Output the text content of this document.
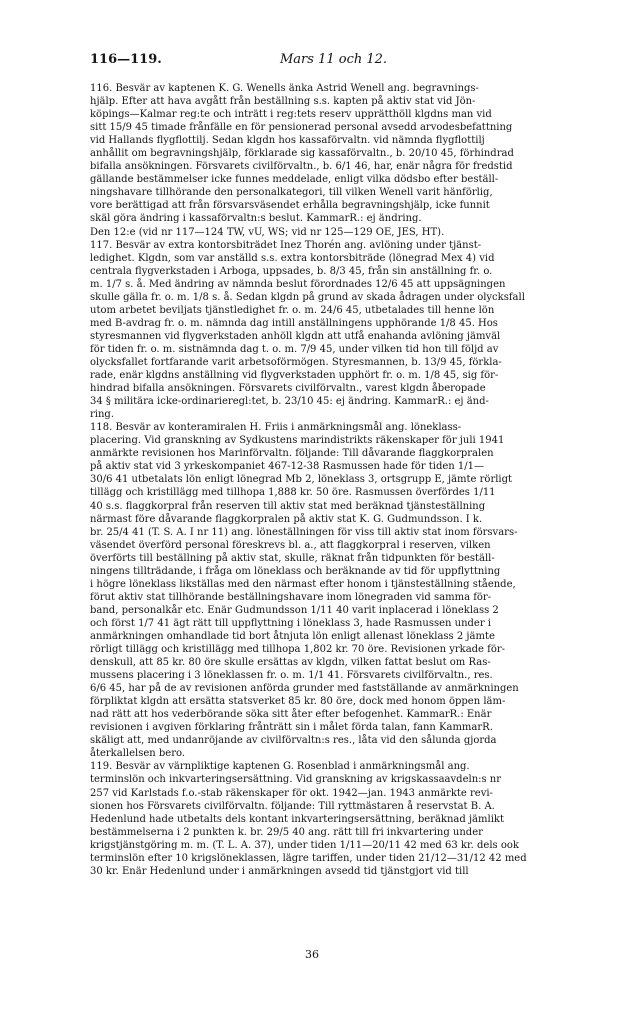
116—119.	Mars 11 och 12.
116. Besvär av kaptenen K. G. Wenells änka Astrid Wenell ang. begravnings-
hjälp. Efter att hava avgått från beställning s.s. kapten på aktiv stat vid Jön-
köpings—Kalmar reg:te och inträtt i reg:tets reserv upprätthöll klgdns man vid
sitt 15/9 45 timade frånfälle en för pensionerad personal avsedd arvodesbefattning
vid Hallands flygflottilj. Sedan klgdn hos kassaförvaltn. vid nämnda flygflottilj
anhållit om begravningshjälp, förklarade sig kassaförvaltn., b. 20/10 45, förhindrad
bifalla ansökningen. Försvarets civilförvaltn., b. 6/1 46, har, enär några för fredstid
gällande bestämmelser icke funnes meddelade, enligt vilka dödsbo efter beställ-
ningshavare tillhörande den personalkategori, till vilken Wenell varit hänförlig,
vore berättigad att från försvarsväsendet erhålla begravningshjälp, icke funnit
skäl göra ändring i kassaförvaltn:s beslut. KammarR.: ej ändring.
Den 12:e (vid nr 117—124 TW, vU, WS; vid nr 125—129 OE, JES, HT).
117. Besvär av extra kontorsbiträdet Inez Thorén ang. avlöning under tjänst-
ledighet. Klgdn, som var anställd s.s. extra kontorsbiträde (lönegrad Mex 4) vid
centrala flygverkstaden i Arboga, uppsades, b. 8/3 45, från sin anställning fr. o.
m. 1/7 s. å. Med ändring av nämnda beslut förordnades 12/6 45 att uppsägningen
skulle gälla fr. o. m. 1/8 s. å. Sedan klgdn på grund av skada ådragen under olycksfall
utom arbetet beviljats tjänstledighet fr. o. m. 24/6 45, utbetalades till henne lön
med B-avdrag fr. o. m. nämnda dag intill anställningens upphörande 1/8 45. Hos
styresmannen vid flygverkstaden anhöll klgdn att utfå enahanda avlöning jämväl
för tiden fr. o. m. sistnämnda dag t. o. m. 7/9 45, under vilken tid hon till följd av
olycksfallet fortfarande varit arbetsoförmögen. Styresmannen, b. 13/9 45, förkla-
rade, enär klgdns anställning vid flygverkstaden upphört fr. o. m. 1/8 45, sig för-
hindrad bifalla ansökningen. Försvarets civilförvaltn., varest klgdn åberopade
34 § militära icke-ordinarieregl:tet, b. 23/10 45: ej ändring. KammarR.: ej änd-
ring.
118. Besvär av konteramiralen H. Friis i anmärkningsmål ang. löneklass-
placering. Vid granskning av Sydkustens marindistrikts räkenskaper för juli 1941
anmärkte revisionen hos Marinförvaltn. följande: Till dåvarande flaggkorpralen
på aktiv stat vid 3 yrkeskompaniet 467-12-38 Rasmussen hade för tiden 1/1—
30/6 41 utbetalats lön enligt lönegrad Mb 2, löneklass 3, ortsgrupp E, jämte rörligt
tillägg och kristillägg med tillhopa 1,888 kr. 50 öre. Rasmussen överfördes 1/11
40 s.s. flaggkorpral från reserven till aktiv stat med beräknad tjänsteställning
närmast före dåvarande flaggkorpralen på aktiv stat K. G. Gudmundsson. I k.
br. 25/4 41 (T. S. A. I nr 11) ang. löneställningen för viss till aktiv stat inom försvars-
väsendet överförd personal föreskrevs bl. a., att flaggkorpral i reserven, vilken
överförts till beställning på aktiv stat, skulle, räknat från tidpunkten för beställ-
ningens tillträdande, i fråga om löneklass och beräknande av tid för uppflyttning
i högre löneklass likställas med den närmast efter honom i tjänsteställning stående,
förut aktiv stat tillhörande beställningshavare inom lönegraden vid samma för-
band, personalkår etc. Enär Gudmundsson 1/11 40 varit inplacerad i löneklass 2
och först 1/7 41 ägt rätt till uppflyttning i löneklass 3, hade Rasmussen under i
anmärkningen omhandlade tid bort åtnjuta lön enligt allenast löneklass 2 jämte
rörligt tillägg och kristillägg med tillhopa 1,802 kr. 70 öre. Revisionen yrkade för-
denskull, att 85 kr. 80 öre skulle ersättas av klgdn, vilken fattat beslut om Ras-
mussens placering i 3 löneklassen fr. o. m. 1/1 41. Försvarets civilförvaltn., res.
6/6 45, har på de av revisionen anförda grunder med fastställande av anmärkningen
förpliktat klgdn att ersätta statsverket 85 kr. 80 öre, dock med honom öppen läm-
nad rätt att hos vederbörande söka sitt åter efter befogenhet. KammarR.: Enär
revisionen i avgiven förklaring frånträtt sin i målet förda talan, fann KammarR.
skäligt att, med undanröjande av civilförvaltn:s res., låta vid den sålunda gjorda
återkallelsen bero.
119. Besvär av värnpliktige kaptenen G. Rosenblad i anmärkningsmål ang.
terminslön och inkvarteringsersättning. Vid granskning av krigskassaavdeln:s nr
257 vid Karlstads f.o.-stab räkenskaper för okt. 1942—jan. 1943 anmärkte revi-
sionen hos Försvarets civilförvaltn. följande: Till ryttmästaren å reservstat B. A.
Hedenlund hade utbetalts dels kontant inkvarteringsersättning, beräknad jämlikt
bestämmelserna i 2 punkten k. br. 29/5 40 ang. rätt till fri inkvartering under
krigstjänstgöring m. m. (T. L. A. 37), under tiden 1/11—20/11 42 med 63 kr. dels ook
terminslön efter 10 krigslöneklassen, lägre tariffen, under tiden 21/12—31/12 42 med
30 kr. Enär Hedenlund under i anmärkningen avsedd tid tjänstgjort vid till
36
